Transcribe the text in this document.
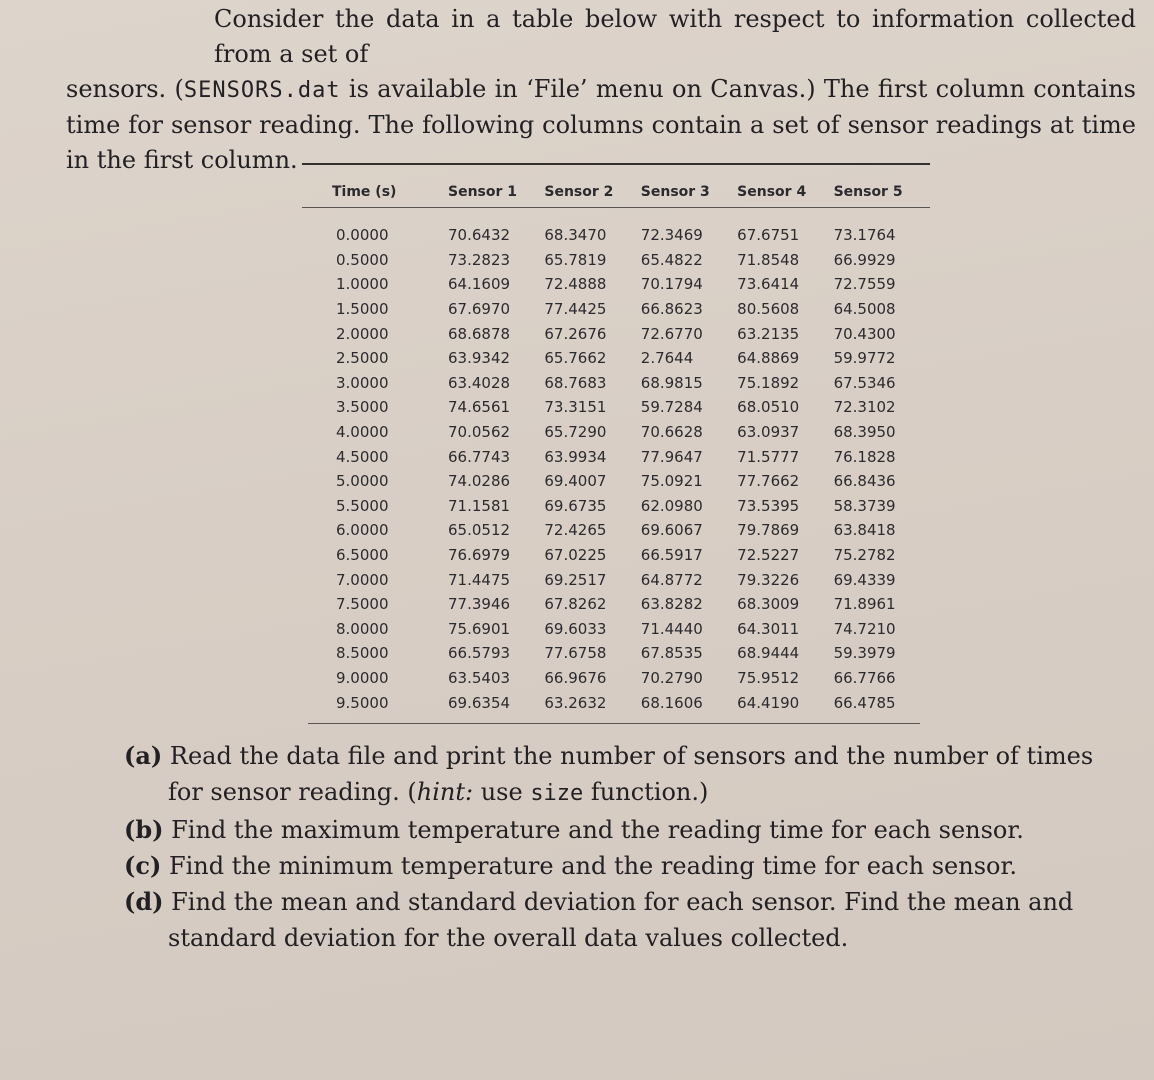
Consider the data in a table below with respect to information collected from a set of
sensors. (SENSORS.dat is available in ‘File’ menu on Canvas.) The first column contains time for sensor reading. The following columns contain a set of sensor readings at time in the first column.
Time (s)	Sensor 1	Sensor 2	Sensor 3	Sensor 4	Sensor 5
0.0000	70.6432	68.3470	72.3469	67.6751	73.1764
0.5000	73.2823	65.7819	65.4822	71.8548	66.9929
1.0000	64.1609	72.4888	70.1794	73.6414	72.7559
1.5000	67.6970	77.4425	66.8623	80.5608	64.5008
2.0000	68.6878	67.2676	72.6770	63.2135	70.4300
2.5000	63.9342	65.7662	2.7644	64.8869	59.9772
3.0000	63.4028	68.7683	68.9815	75.1892	67.5346
3.5000	74.6561	73.3151	59.7284	68.0510	72.3102
4.0000	70.0562	65.7290	70.6628	63.0937	68.3950
4.5000	66.7743	63.9934	77.9647	71.5777	76.1828
5.0000	74.0286	69.4007	75.0921	77.7662	66.8436
5.5000	71.1581	69.6735	62.0980	73.5395	58.3739
6.0000	65.0512	72.4265	69.6067	79.7869	63.8418
6.5000	76.6979	67.0225	66.5917	72.5227	75.2782
7.0000	71.4475	69.2517	64.8772	79.3226	69.4339
7.5000	77.3946	67.8262	63.8282	68.3009	71.8961
8.0000	75.6901	69.6033	71.4440	64.3011	74.7210
8.5000	66.5793	77.6758	67.8535	68.9444	59.3979
9.0000	63.5403	66.9676	70.2790	75.9512	66.7766
9.5000	69.6354	63.2632	68.1606	64.4190	66.4785
(a) Read the data file and print the number of sensors and the number of times for sensor reading. (hint: use size function.)
(b) Find the maximum temperature and the reading time for each sensor.
(c) Find the minimum temperature and the reading time for each sensor.
(d) Find the mean and standard deviation for each sensor. Find the mean and standard deviation for the overall data values collected.
